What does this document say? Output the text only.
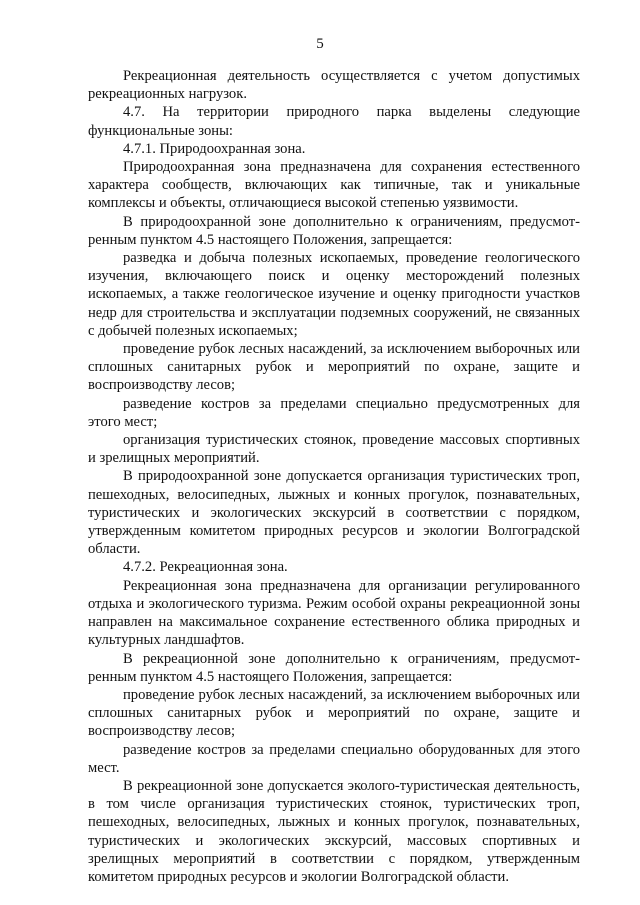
5

Рекреационная деятельность осуществляется с учетом допустимых рекреационных нагрузок.

4.7. На территории природного парка выделены следующие функциональные зоны:

4.7.1. Природоохранная зона.

Природоохранная зона предназначена для сохранения естественного характера сообществ, включающих как типичные, так и уникальные комплексы и объекты, отличающиеся высокой степенью уязвимости.

В природоохранной зоне дополнительно к ограничениям, предусмотренным пунктом 4.5 настоящего Положения, запрещается:

разведка и добыча полезных ископаемых, проведение геологического изучения, включающего поиск и оценку месторождений полезных ископаемых, а также геологическое изучение и оценку пригодности участков недр для строительства и эксплуатации подземных сооружений, не связанных с добычей полезных ископаемых;

проведение рубок лесных насаждений, за исключением выборочных или сплошных санитарных рубок и мероприятий по охране, защите и воспроизводству лесов;

разведение костров за пределами специально предусмотренных для этого мест;

организация туристических стоянок, проведение массовых спортивных и зрелищных мероприятий.

В природоохранной зоне допускается организация туристических троп, пешеходных, велосипедных, лыжных и конных прогулок, познавательных, туристических и экологических экскурсий в соответствии с порядком, утвержденным комитетом природных ресурсов и экологии Волгоградской области.

4.7.2. Рекреационная зона.

Рекреационная зона предназначена для организации регулированного отдыха и экологического туризма. Режим особой охраны рекреационной зоны направлен на максимальное сохранение естественного облика природных и культурных ландшафтов.

В рекреационной зоне дополнительно к ограничениям, предусмотренным пунктом 4.5 настоящего Положения, запрещается:

проведение рубок лесных насаждений, за исключением выборочных или сплошных санитарных рубок и мероприятий по охране, защите и воспроизводству лесов;

разведение костров за пределами специально оборудованных для этого мест.

В рекреационной зоне допускается эколого-туристическая деятельность, в том числе организация туристических стоянок, туристических троп, пешеходных, велосипедных, лыжных и конных прогулок, познавательных, туристических и экологических экскурсий, массовых спортивных и зрелищных мероприятий в соответствии с порядком, утвержденным комитетом природных ресурсов и экологии Волгоградской области.
